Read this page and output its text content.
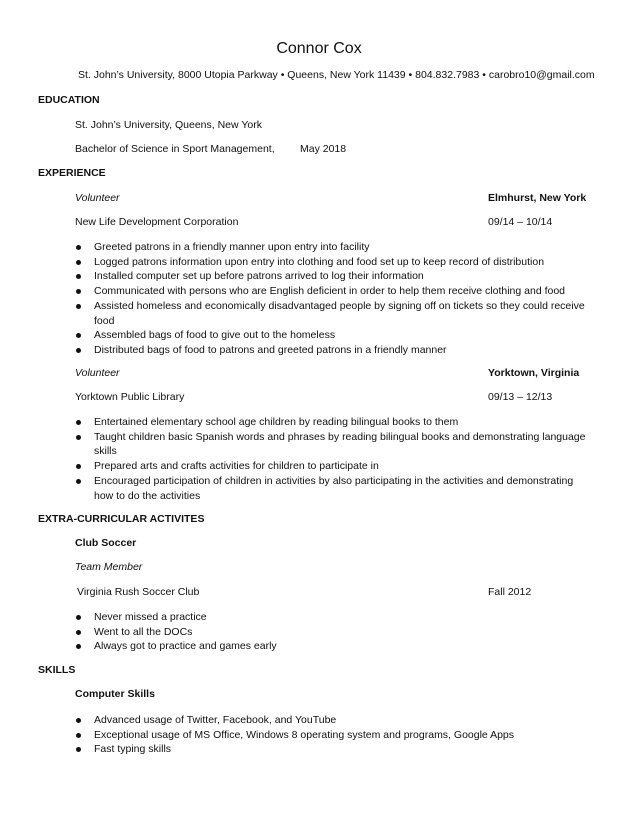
Connor Cox
St. John’s University, 8000 Utopia Parkway • Queens, New York 11439 • 804.832.7983 • carobro10@gmail.com
EDUCATION
St. John’s University, Queens, New York
Bachelor of Science in Sport Management, May 2018
EXPERIENCE
Volunteer	Elmhurst, New York
New Life Development Corporation	09/14 – 10/14
Greeted patrons in a friendly manner upon entry into facility
Logged patrons information upon entry into clothing and food set up to keep record of distribution
Installed computer set up before patrons arrived to log their information
Communicated with persons who are English deficient in order to help them receive clothing and food
Assisted homeless and economically disadvantaged people by signing off on tickets so they could receive food
Assembled bags of food to give out to the homeless
Distributed bags of food to patrons and greeted patrons in a friendly manner
Volunteer	Yorktown, Virginia
Yorktown Public Library	09/13 – 12/13
Entertained elementary school age children by reading bilingual books to them
Taught children basic Spanish words and phrases by reading bilingual books and demonstrating language skills
Prepared arts and crafts activities for children to participate in
Encouraged participation of children in activities by also participating in the activities and demonstrating how to do the activities
EXTRA-CURRICULAR ACTIVITES
Club Soccer
Team Member
Virginia Rush Soccer Club	Fall 2012
Never missed a practice
Went to all the DOCs
Always got to practice and games early
SKILLS
Computer Skills
Advanced usage of Twitter, Facebook, and YouTube
Exceptional usage of MS Office, Windows 8 operating system and programs, Google Apps
Fast typing skills
